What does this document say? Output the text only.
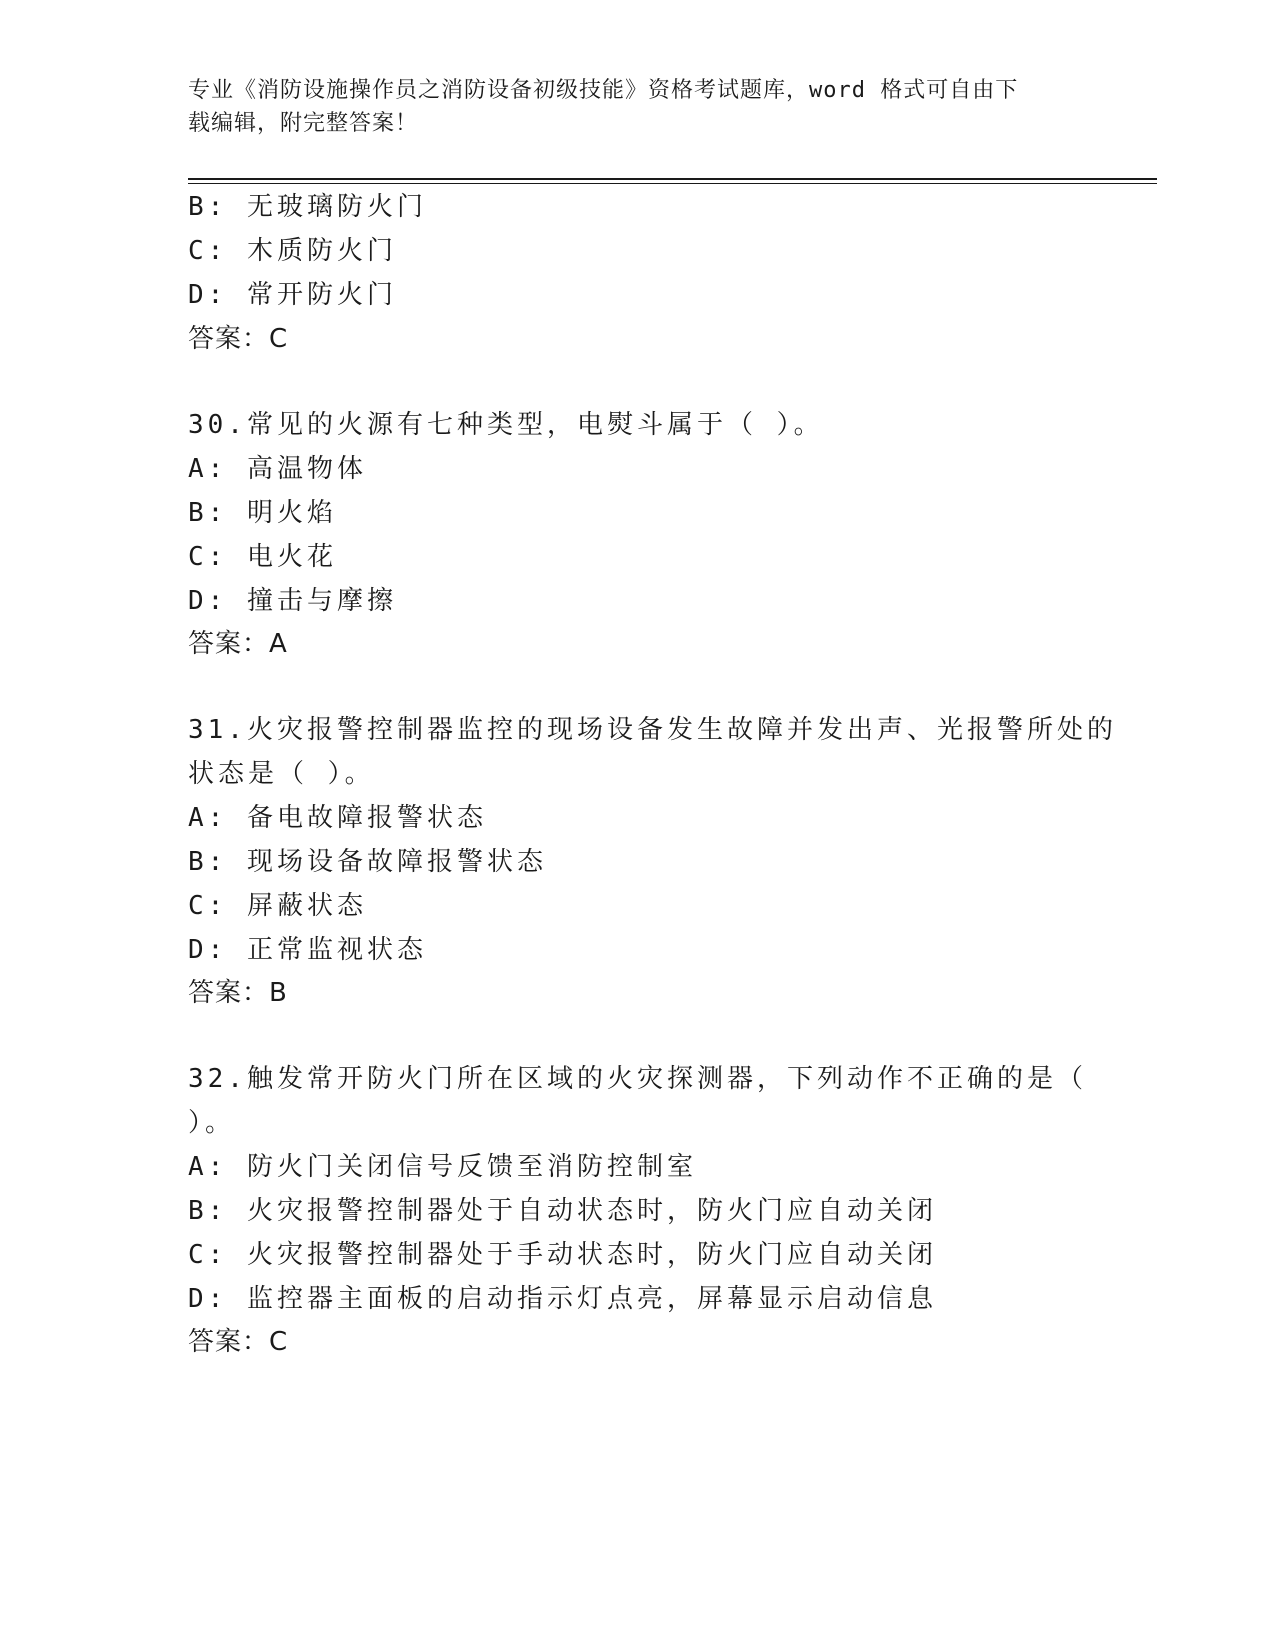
专业《消防设施操作员之消防设备初级技能》资格考试题库，word 格式可自由下
载编辑，附完整答案！
B: 无玻璃防火门
C: 木质防火门
D: 常开防火门
答案：C
30.常见的火源有七种类型，电熨斗属于（ ）。
A: 高温物体
B: 明火焰
C: 电火花
D: 撞击与摩擦
答案：A
31.火灾报警控制器监控的现场设备发生故障并发出声、光报警所处的
状态是（ ）。
A: 备电故障报警状态
B: 现场设备故障报警状态
C: 屏蔽状态
D: 正常监视状态
答案：B
32.触发常开防火门所在区域的火灾探测器，下列动作不正确的是（
）。
A: 防火门关闭信号反馈至消防控制室
B: 火灾报警控制器处于自动状态时，防火门应自动关闭
C: 火灾报警控制器处于手动状态时，防火门应自动关闭
D: 监控器主面板的启动指示灯点亮，屏幕显示启动信息
答案：C
